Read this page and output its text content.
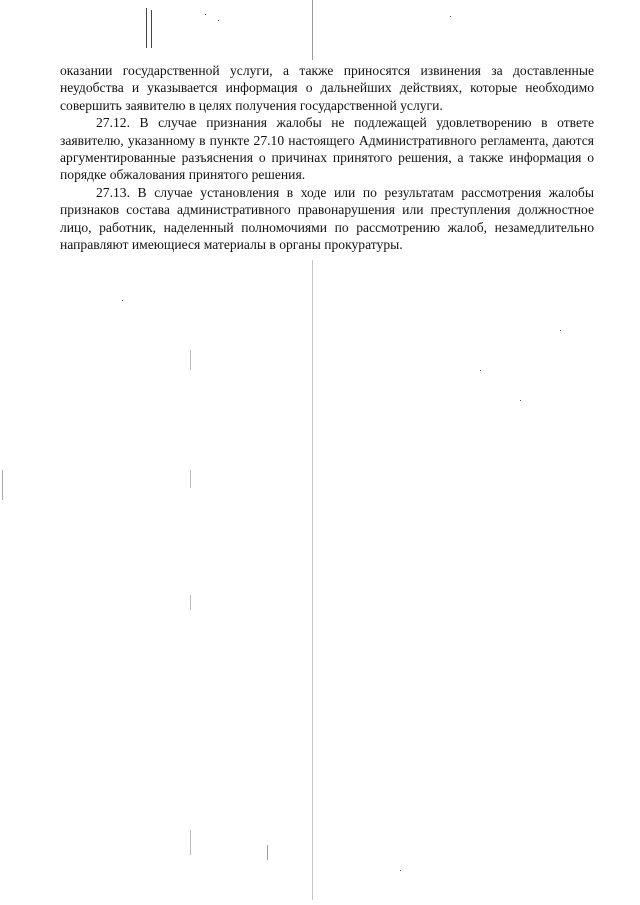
оказании государственной услуги, а также приносятся извинения за доставленные неудобства и указывается информация о дальнейших действиях, которые необходимо совершить заявителю в целях получения государственной услуги.

27.12. В случае признания жалобы не подлежащей удовлетворению в ответе заявителю, указанному в пункте 27.10 настоящего Административного регламента, даются аргументированные разъяснения о причинах принятого решения, а также информация о порядке обжалования принятого решения.

27.13. В случае установления в ходе или по результатам рассмотрения жалобы признаков состава административного правонарушения или преступления должностное лицо, работник, наделенный полномочиями по рассмотрению жалоб, незамедлительно направляют имеющиеся материалы в органы прокуратуры.
